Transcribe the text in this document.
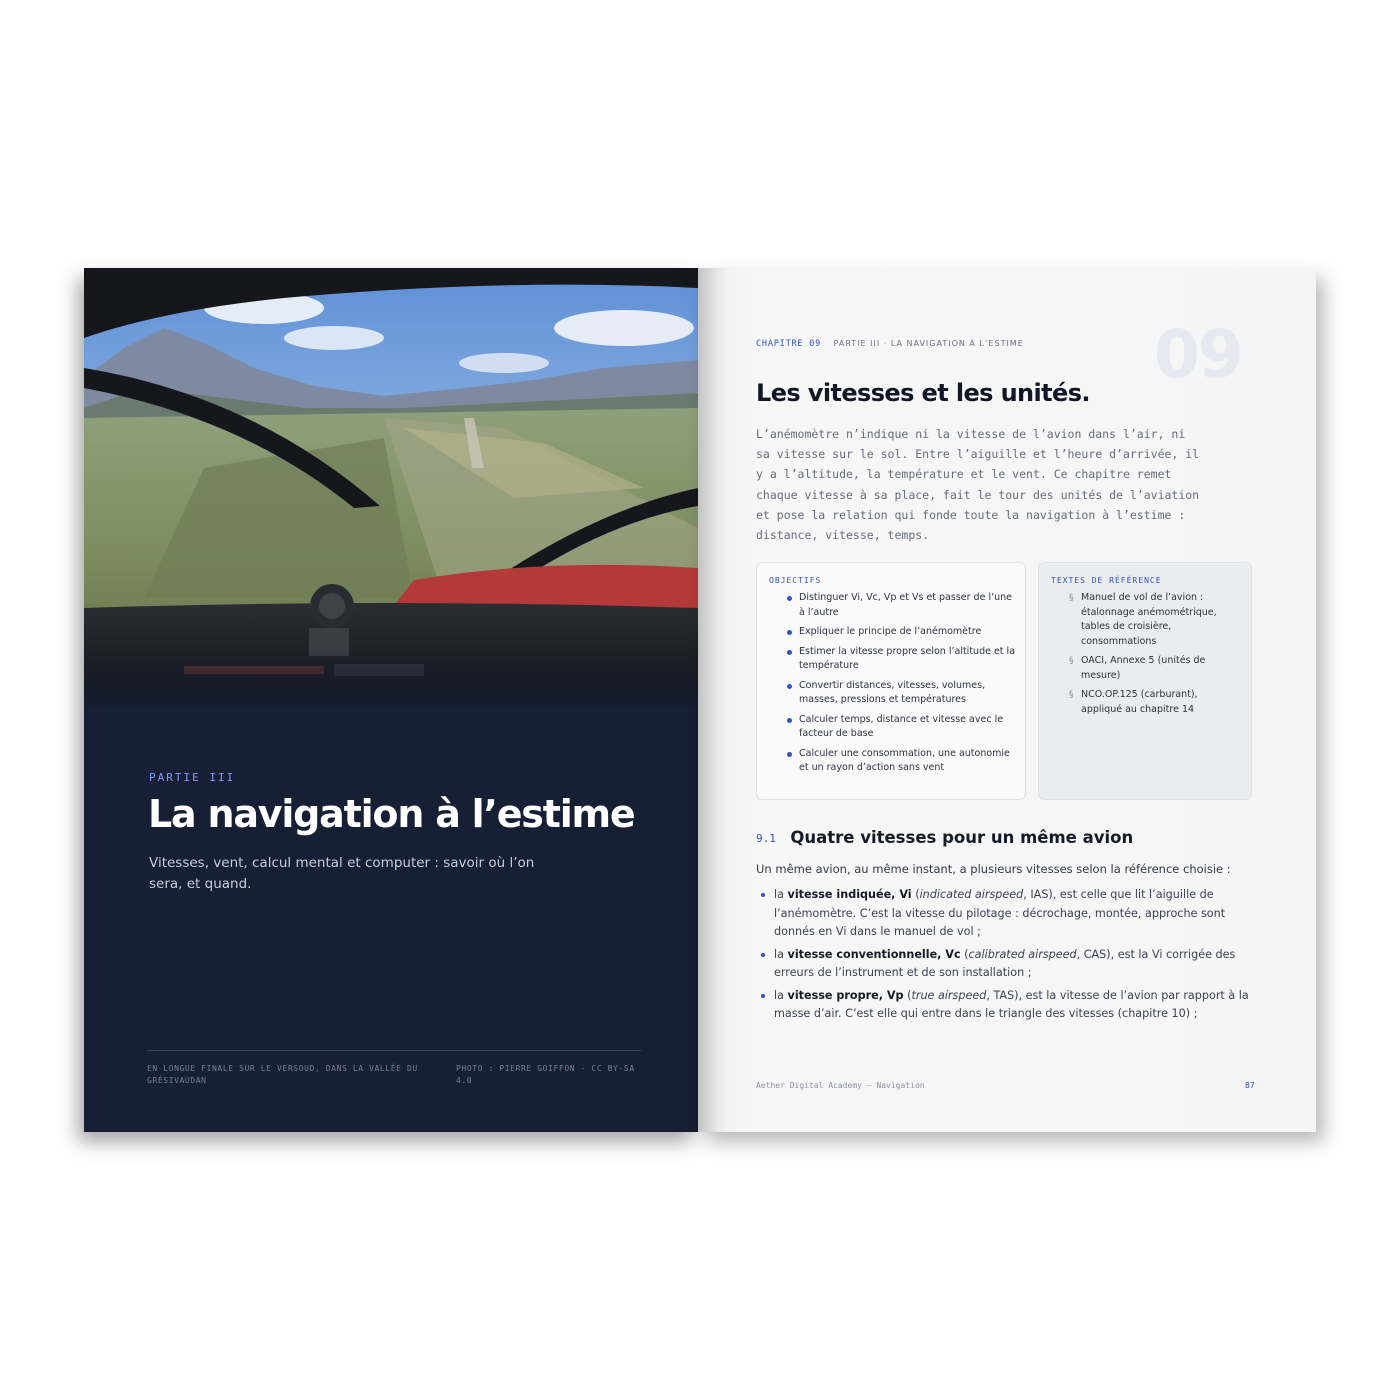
PARTIE III
La navigation à l’estime
Vitesses, vent, calcul mental et computer : savoir où l’on sera, et quand.
EN LONGUE FINALE SUR LE VERSOUD, DANS LA VALLÉE DU GRÉSIVAUDAN
PHOTO : PIERRE GOIFFON · CC BY-SA 4.0
09
CHAPITRE 09 PARTIE III · LA NAVIGATION À L’ESTIME
Les vitesses et les unités.
L’anémomètre n’indique ni la vitesse de l’avion dans l’air, ni sa vitesse sur le sol. Entre l’aiguille et l’heure d’arrivée, il y a l’altitude, la température et le vent. Ce chapitre remet chaque vitesse à sa place, fait le tour des unités de l’aviation et pose la relation qui fonde toute la navigation à l’estime : distance, vitesse, temps.
OBJECTIFS
Distinguer Vi, Vc, Vp et Vs et passer de l’une à l’autre
Expliquer le principe de l’anémomètre
Estimer la vitesse propre selon l’altitude et la température
Convertir distances, vitesses, volumes, masses, pressions et températures
Calculer temps, distance et vitesse avec le facteur de base
Calculer une consommation, une autonomie et un rayon d’action sans vent
TEXTES DE RÉFÉRENCE
§ Manuel de vol de l’avion : étalonnage anémométrique, tables de croisière, consommations
§ OACI, Annexe 5 (unités de mesure)
§ NCO.OP.125 (carburant), appliqué au chapitre 14
9.1 Quatre vitesses pour un même avion
Un même avion, au même instant, a plusieurs vitesses selon la référence choisie :
la vitesse indiquée, Vi (indicated airspeed, IAS), est celle que lit l’aiguille de l’anémomètre. C’est la vitesse du pilotage : décrochage, montée, approche sont donnés en Vi dans le manuel de vol ;
la vitesse conventionnelle, Vc (calibrated airspeed, CAS), est la Vi corrigée des erreurs de l’instrument et de son installation ;
la vitesse propre, Vp (true airspeed, TAS), est la vitesse de l’avion par rapport à la masse d’air. C’est elle qui entre dans le triangle des vitesses (chapitre 10) ;
Aether Digital Academy — Navigation	87
